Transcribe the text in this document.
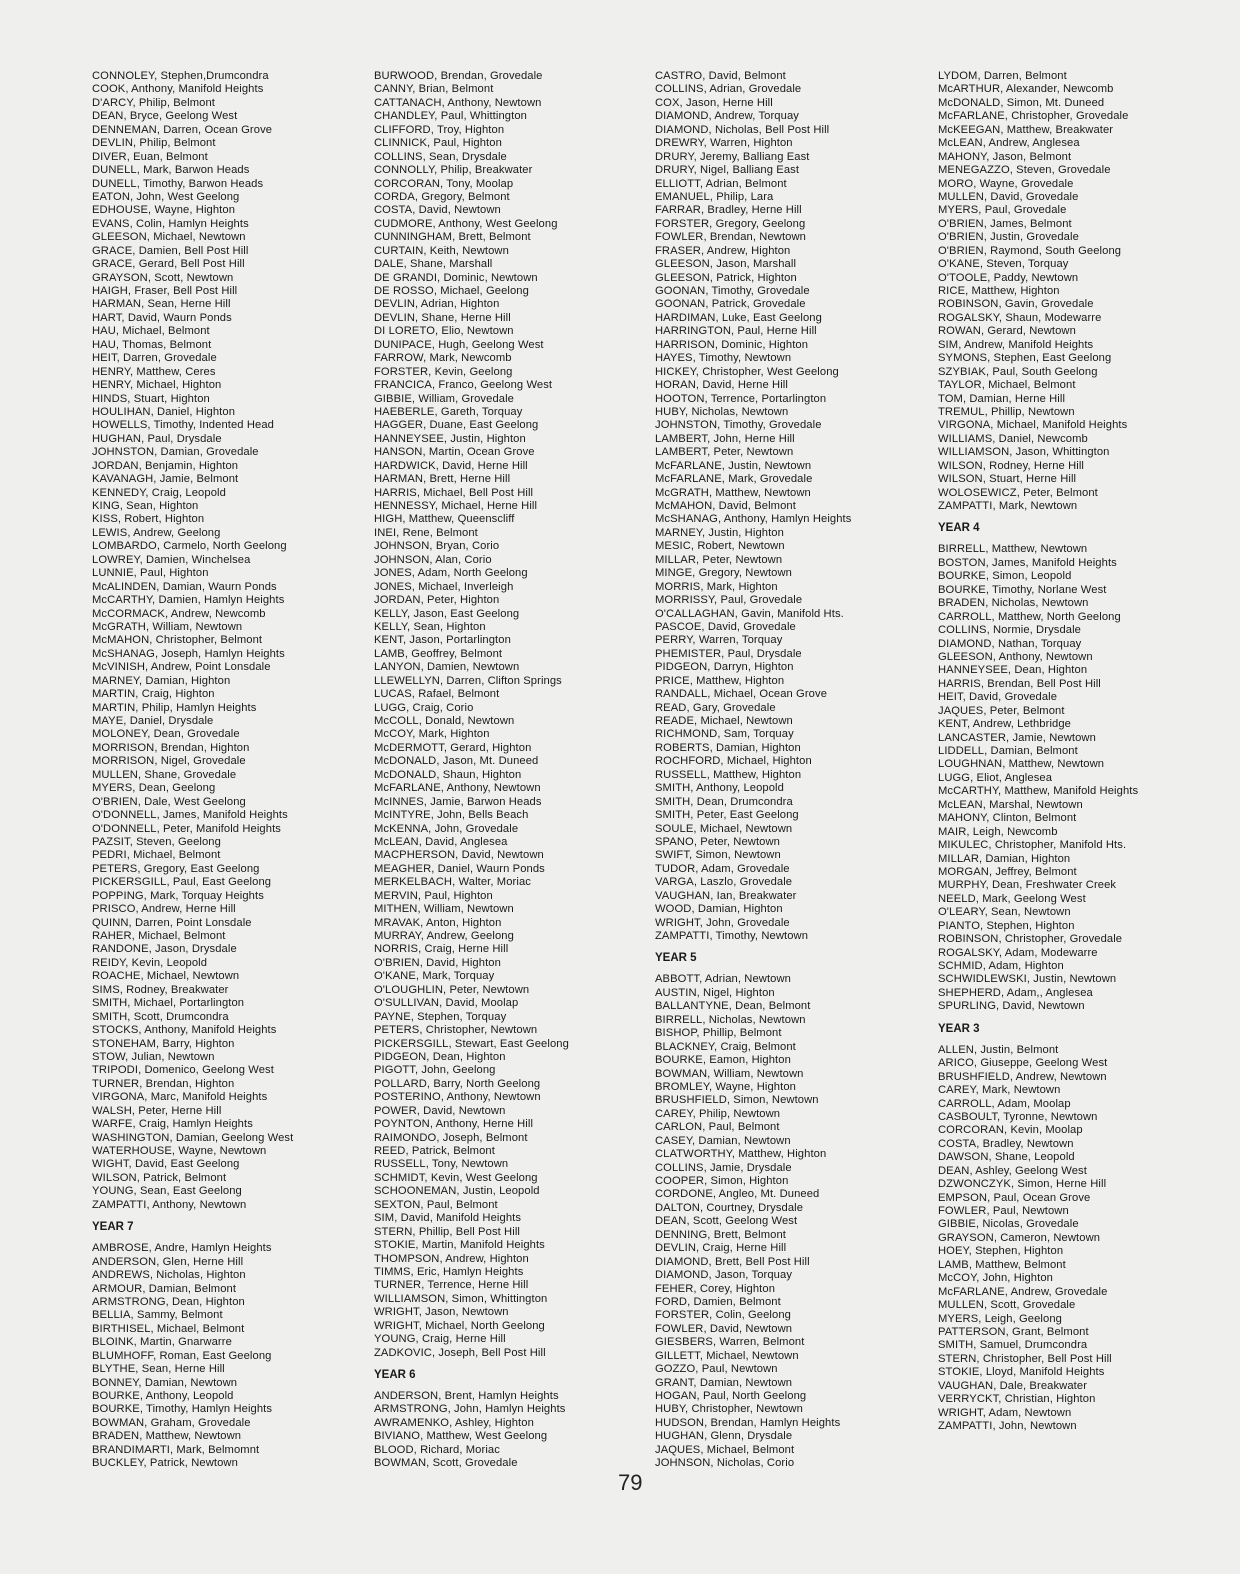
CONNOLEY, Stephen,Drumcondra
COOK, Anthony, Manifold Heights
D'ARCY, Philip, Belmont
DEAN, Bryce, Geelong West
DENNEMAN, Darren, Ocean Grove
DEVLIN, Philip, Belmont
DIVER, Euan, Belmont
DUNELL, Mark, Barwon Heads
DUNELL, Timothy, Barwon Heads
EATON, John, West Geelong
EDHOUSE, Wayne, Highton
EVANS, Colin, Hamlyn Heights
GLEESON, Michael, Newtown
GRACE, Damien, Bell Post Hill
GRACE, Gerard, Bell Post Hill
GRAYSON, Scott, Newtown
HAIGH, Fraser, Bell Post Hill
HARMAN, Sean, Herne Hill
HART, David, Waurn Ponds
HAU, Michael, Belmont
HAU, Thomas, Belmont
HEIT, Darren, Grovedale
HENRY, Matthew, Ceres
HENRY, Michael, Highton
HINDS, Stuart, Highton
HOULIHAN, Daniel, Highton
HOWELLS, Timothy, Indented Head
HUGHAN, Paul, Drysdale
JOHNSTON, Damian, Grovedale
JORDAN, Benjamin, Highton
KAVANAGH, Jamie, Belmont
KENNEDY, Craig, Leopold
KING, Sean, Highton
KISS, Robert, Highton
LEWIS, Andrew, Geelong
LOMBARDO, Carmelo, North Geelong
LOWREY, Damien, Winchelsea
LUNNIE, Paul, Highton
McALINDEN, Damian, Waurn Ponds
McCARTHY, Damien, Hamlyn Heights
McCORMACK, Andrew, Newcomb
McGRATH, William, Newtown
McMAHON, Christopher, Belmont
McSHANAG, Joseph, Hamlyn Heights
McVINISH, Andrew, Point Lonsdale
MARNEY, Damian, Highton
MARTIN, Craig, Highton
MARTIN, Philip, Hamlyn Heights
MAYE, Daniel, Drysdale
MOLONEY, Dean, Grovedale
MORRISON, Brendan, Highton
MORRISON, Nigel, Grovedale
MULLEN, Shane, Grovedale
MYERS, Dean, Geelong
O'BRIEN, Dale, West Geelong
O'DONNELL, James, Manifold Heights
O'DONNELL, Peter, Manifold Heights
PAZSIT, Steven, Geelong
PEDRI, Michael, Belmont
PETERS, Gregory, East Geelong
PICKERSGILL, Paul, East Geelong
POPPING, Mark, Torquay Heights
PRISCO, Andrew, Herne Hill
QUINN, Darren, Point Lonsdale
RAHER, Michael, Belmont
RANDONE, Jason, Drysdale
REIDY, Kevin, Leopold
ROACHE, Michael, Newtown
SIMS, Rodney, Breakwater
SMITH, Michael, Portarlington
SMITH, Scott, Drumcondra
STOCKS, Anthony, Manifold Heights
STONEHAM, Barry, Highton
STOW, Julian, Newtown
TRIPODI, Domenico, Geelong West
TURNER, Brendan, Highton
VIRGONA, Marc, Manifold Heights
WALSH, Peter, Herne Hill
WARFE, Craig, Hamlyn Heights
WASHINGTON, Damian, Geelong West
WATERHOUSE, Wayne, Newtown
WIGHT, David, East Geelong
WILSON, Patrick, Belmont
YOUNG, Sean, East Geelong
ZAMPATTI, Anthony, Newtown
YEAR 7
AMBROSE, Andre, Hamlyn Heights
ANDERSON, Glen, Herne Hill
ANDREWS, Nicholas, Highton
ARMOUR, Damian, Belmont
ARMSTRONG, Dean, Highton
BELLIA, Sammy, Belmont
BIRTHISEL, Michael, Belmont
BLOINK, Martin, Gnarwarre
BLUMHOFF, Roman, East Geelong
BLYTHE, Sean, Herne Hill
BONNEY, Damian, Newtown
BOURKE, Anthony, Leopold
BOURKE, Timothy, Hamlyn Heights
BOWMAN, Graham, Grovedale
BRADEN, Matthew, Newtown
BRANDIMARTI, Mark, Belmomnt
BUCKLEY, Patrick, Newtown
BURWOOD, Brendan, Grovedale
CANNY, Brian, Belmont
CATTANACH, Anthony, Newtown
CHANDLEY, Paul, Whittington
CLIFFORD, Troy, Highton
CLINNICK, Paul, Highton
COLLINS, Sean, Drysdale
CONNOLLY, Philip, Breakwater
CORCORAN, Tony, Moolap
CORDA, Gregory, Belmont
COSTA, David, Newtown
CUDMORE, Anthony, West Geelong
CUNNINGHAM, Brett, Belmont
CURTAIN, Keith, Newtown
DALE, Shane, Marshall
DE GRANDI, Dominic, Newtown
DE ROSSO, Michael, Geelong
DEVLIN, Adrian, Highton
DEVLIN, Shane, Herne Hill
DI LORETO, Elio, Newtown
DUNIPACE, Hugh, Geelong West
FARROW, Mark, Newcomb
FORSTER, Kevin, Geelong
FRANCICA, Franco, Geelong West
GIBBIE, William, Grovedale
HAEBERLE, Gareth, Torquay
HAGGER, Duane, East Geelong
HANNEYSEE, Justin, Highton
HANSON, Martin, Ocean Grove
HARDWICK, David, Herne Hill
HARMAN, Brett, Herne Hill
HARRIS, Michael, Bell Post Hill
HENNESSY, Michael, Herne Hill
HIGH, Matthew, Queenscliff
INEI, Rene, Belmont
JOHNSON, Bryan, Corio
JOHNSON, Alan, Corio
JONES, Adam, North Geelong
JONES, Michael, Inverleigh
JORDAN, Peter, Highton
KELLY, Jason, East Geelong
KELLY, Sean, Highton
KENT, Jason, Portarlington
LAMB, Geoffrey, Belmont
LANYON, Damien, Newtown
LLEWELLYN, Darren, Clifton Springs
LUCAS, Rafael, Belmont
LUGG, Craig, Corio
McCOLL, Donald, Newtown
McCOY, Mark, Highton
McDERMOTT, Gerard, Highton
McDONALD, Jason, Mt. Duneed
McDONALD, Shaun, Highton
McFARLANE, Anthony, Newtown
McINNES, Jamie, Barwon Heads
McINTYRE, John, Bells Beach
McKENNA, John, Grovedale
McLEAN, David, Anglesea
MACPHERSON, David, Newtown
MEAGHER, Daniel, Waurn Ponds
MERKELBACH, Walter, Moriac
MERVIN, Paul, Highton
MITHEN, William, Newtown
MRAVAK, Anton, Highton
MURRAY, Andrew, Geelong
NORRIS, Craig, Herne Hill
O'BRIEN, David, Highton
O'KANE, Mark, Torquay
O'LOUGHLIN, Peter, Newtown
O'SULLIVAN, David, Moolap
PAYNE, Stephen, Torquay
PETERS, Christopher, Newtown
PICKERSGILL, Stewart, East Geelong
PIDGEON, Dean, Highton
PIGOTT, John, Geelong
POLLARD, Barry, North Geelong
POSTERINO, Anthony, Newtown
POWER, David, Newtown
POYNTON, Anthony, Herne Hill
RAIMONDO, Joseph, Belmont
REED, Patrick, Belmont
RUSSELL, Tony, Newtown
SCHMIDT, Kevin, West Geelong
SCHOONEMAN, Justin, Leopold
SEXTON, Paul, Belmont
SIM, David, Manifold Heights
STERN, Phillip, Bell Post Hill
STOKIE, Martin, Manifold Heights
THOMPSON, Andrew, Highton
TIMMS, Eric, Hamlyn Heights
TURNER, Terrence, Herne Hill
WILLIAMSON, Simon, Whittington
WRIGHT, Jason, Newtown
WRIGHT, Michael, North Geelong
YOUNG, Craig, Herne Hill
ZADKOVIC, Joseph, Bell Post Hill
YEAR 6
ANDERSON, Brent, Hamlyn Heights
ARMSTRONG, John, Hamlyn Heights
AWRAMENKO, Ashley, Highton
BIVIANO, Matthew, West Geelong
BLOOD, Richard, Moriac
BOWMAN, Scott, Grovedale
CASTRO, David, Belmont
COLLINS, Adrian, Grovedale
COX, Jason, Herne Hill
DIAMOND, Andrew, Torquay
DIAMOND, Nicholas, Bell Post Hill
DREWRY, Warren, Highton
DRURY, Jeremy, Balliang East
DRURY, Nigel, Balliang East
ELLIOTT, Adrian, Belmont
EMANUEL, Philip, Lara
FARRAR, Bradley, Herne Hill
FORSTER, Gregory, Geelong
FOWLER, Brendan, Newtown
FRASER, Andrew, Highton
GLEESON, Jason, Marshall
GLEESON, Patrick, Highton
GOONAN, Timothy, Grovedale
GOONAN, Patrick, Grovedale
HARDIMAN, Luke, East Geelong
HARRINGTON, Paul, Herne Hill
HARRISON, Dominic, Highton
HAYES, Timothy, Newtown
HICKEY, Christopher, West Geelong
HORAN, David, Herne Hill
HOOTON, Terrence, Portarlington
HUBY, Nicholas, Newtown
JOHNSTON, Timothy, Grovedale
LAMBERT, John, Herne Hill
LAMBERT, Peter, Newtown
McFARLANE, Justin, Newtown
McFARLANE, Mark, Grovedale
McGRATH, Matthew, Newtown
McMAHON, David, Belmont
McSHANAG, Anthony, Hamlyn Heights
MARNEY, Justin, Highton
MESIC, Robert, Newtown
MILLAR, Peter, Newtown
MINGE, Gregory, Newtown
MORRIS, Mark, Highton
MORRISSY, Paul, Grovedale
O'CALLAGHAN, Gavin, Manifold Hts.
PASCOE, David, Grovedale
PERRY, Warren, Torquay
PHEMISTER, Paul, Drysdale
PIDGEON, Darryn, Highton
PRICE, Matthew, Highton
RANDALL, Michael, Ocean Grove
READ, Gary, Grovedale
READE, Michael, Newtown
RICHMOND, Sam, Torquay
ROBERTS, Damian, Highton
ROCHFORD, Michael, Highton
RUSSELL, Matthew, Highton
SMITH, Anthony, Leopold
SMITH, Dean, Drumcondra
SMITH, Peter, East Geelong
SOULE, Michael, Newtown
SPANO, Peter, Newtown
SWIFT, Simon, Newtown
TUDOR, Adam, Grovedale
VARGA, Laszlo, Grovedale
VAUGHAN, Ian, Breakwater
WOOD, Damian, Highton
WRIGHT, John, Grovedale
ZAMPATTI, Timothy, Newtown
YEAR 5
ABBOTT, Adrian, Newtown
AUSTIN, Nigel, Highton
BALLANTYNE, Dean, Belmont
BIRRELL, Nicholas, Newtown
BISHOP, Phillip, Belmont
BLACKNEY, Craig, Belmont
BOURKE, Eamon, Highton
BOWMAN, William, Newtown
BROMLEY, Wayne, Highton
BRUSHFIELD, Simon, Newtown
CAREY, Philip, Newtown
CARLON, Paul, Belmont
CASEY, Damian, Newtown
CLATWORTHY, Matthew, Highton
COLLINS, Jamie, Drysdale
COOPER, Simon, Highton
CORDONE, Angleo, Mt. Duneed
DALTON, Courtney, Drysdale
DEAN, Scott, Geelong West
DENNING, Brett, Belmont
DEVLIN, Craig, Herne Hill
DIAMOND, Brett, Bell Post Hill
DIAMOND, Jason, Torquay
FEHER, Corey, Highton
FORD, Damien, Belmont
FORSTER, Colin, Geelong
FOWLER, David, Newtown
GIESBERS, Warren, Belmont
GILLETT, Michael, Newtown
GOZZO, Paul, Newtown
GRANT, Damian, Newtown
HOGAN, Paul, North Geelong
HUBY, Christopher, Newtown
HUDSON, Brendan, Hamlyn Heights
HUGHAN, Glenn, Drysdale
JAQUES, Michael, Belmont
JOHNSON, Nicholas, Corio
LYDOM, Darren, Belmont
McARTHUR, Alexander, Newcomb
McDONALD, Simon, Mt. Duneed
McFARLANE, Christopher, Grovedale
McKEEGAN, Matthew, Breakwater
McLEAN, Andrew, Anglesea
MAHONY, Jason, Belmont
MENEGAZZO, Steven, Grovedale
MORO, Wayne, Grovedale
MULLEN, David, Grovedale
MYERS, Paul, Grovedale
O'BRIEN, James, Belmont
O'BRIEN, Justin, Grovedale
O'BRIEN, Raymond, South Geelong
O'KANE, Steven, Torquay
O'TOOLE, Paddy, Newtown
RICE, Matthew, Highton
ROBINSON, Gavin, Grovedale
ROGALSKY, Shaun, Modewarre
ROWAN, Gerard, Newtown
SIM, Andrew, Manifold Heights
SYMONS, Stephen, East Geelong
SZYBIAK, Paul, South Geelong
TAYLOR, Michael, Belmont
TOM, Damian, Herne Hill
TREMUL, Phillip, Newtown
VIRGONA, Michael, Manifold Heights
WILLIAMS, Daniel, Newcomb
WILLIAMSON, Jason, Whittington
WILSON, Rodney, Herne Hill
WILSON, Stuart, Herne Hill
WOLOSEWICZ, Peter, Belmont
ZAMPATTI, Mark, Newtown
YEAR 4
BIRRELL, Matthew, Newtown
BOSTON, James, Manifold Heights
BOURKE, Simon, Leopold
BOURKE, Timothy, Norlane West
BRADEN, Nicholas, Newtown
CARROLL, Matthew, North Geelong
COLLINS, Normie, Drysdale
DIAMOND, Nathan, Torquay
GLEESON, Anthony, Newtown
HANNEYSEE, Dean, Highton
HARRIS, Brendan, Bell Post Hill
HEIT, David, Grovedale
JAQUES, Peter, Belmont
KENT, Andrew, Lethbridge
LANCASTER, Jamie, Newtown
LIDDELL, Damian, Belmont
LOUGHNAN, Matthew, Newtown
LUGG, Eliot, Anglesea
McCARTHY, Matthew, Manifold Heights
McLEAN, Marshal, Newtown
MAHONY, Clinton, Belmont
MAIR, Leigh, Newcomb
MIKULEC, Christopher, Manifold Hts.
MILLAR, Damian, Highton
MORGAN, Jeffrey, Belmont
MURPHY, Dean, Freshwater Creek
NEELD, Mark, Geelong West
O'LEARY, Sean, Newtown
PIANTO, Stephen, Highton
ROBINSON, Christopher, Grovedale
ROGALSKY, Adam, Modewarre
SCHMID, Adam, Highton
SCHWIDLEWSKI, Justin, Newtown
SHEPHERD, Adam,, Anglesea
SPURLING, David, Newtown
YEAR 3
ALLEN, Justin, Belmont
ARICO, Giuseppe, Geelong West
BRUSHFIELD, Andrew, Newtown
CAREY, Mark, Newtown
CARROLL, Adam, Moolap
CASBOULT, Tyronne, Newtown
CORCORAN, Kevin, Moolap
COSTA, Bradley, Newtown
DAWSON, Shane, Leopold
DEAN, Ashley, Geelong West
DZWONCZYK, Simon, Herne Hill
EMPSON, Paul, Ocean Grove
FOWLER, Paul, Newtown
GIBBIE, Nicolas, Grovedale
GRAYSON, Cameron, Newtown
HOEY, Stephen, Highton
LAMB, Matthew, Belmont
McCOY, John, Highton
McFARLANE, Andrew, Grovedale
MULLEN, Scott, Grovedale
MYERS, Leigh, Geelong
PATTERSON, Grant, Belmont
SMITH, Samuel, Drumcondra
STERN, Christopher, Bell Post Hill
STOKIE, Lloyd, Manifold Heights
VAUGHAN, Dale, Breakwater
VERRYCKT, Christian, Highton
WRIGHT, Adam, Newtown
ZAMPATTI, John, Newtown
79
